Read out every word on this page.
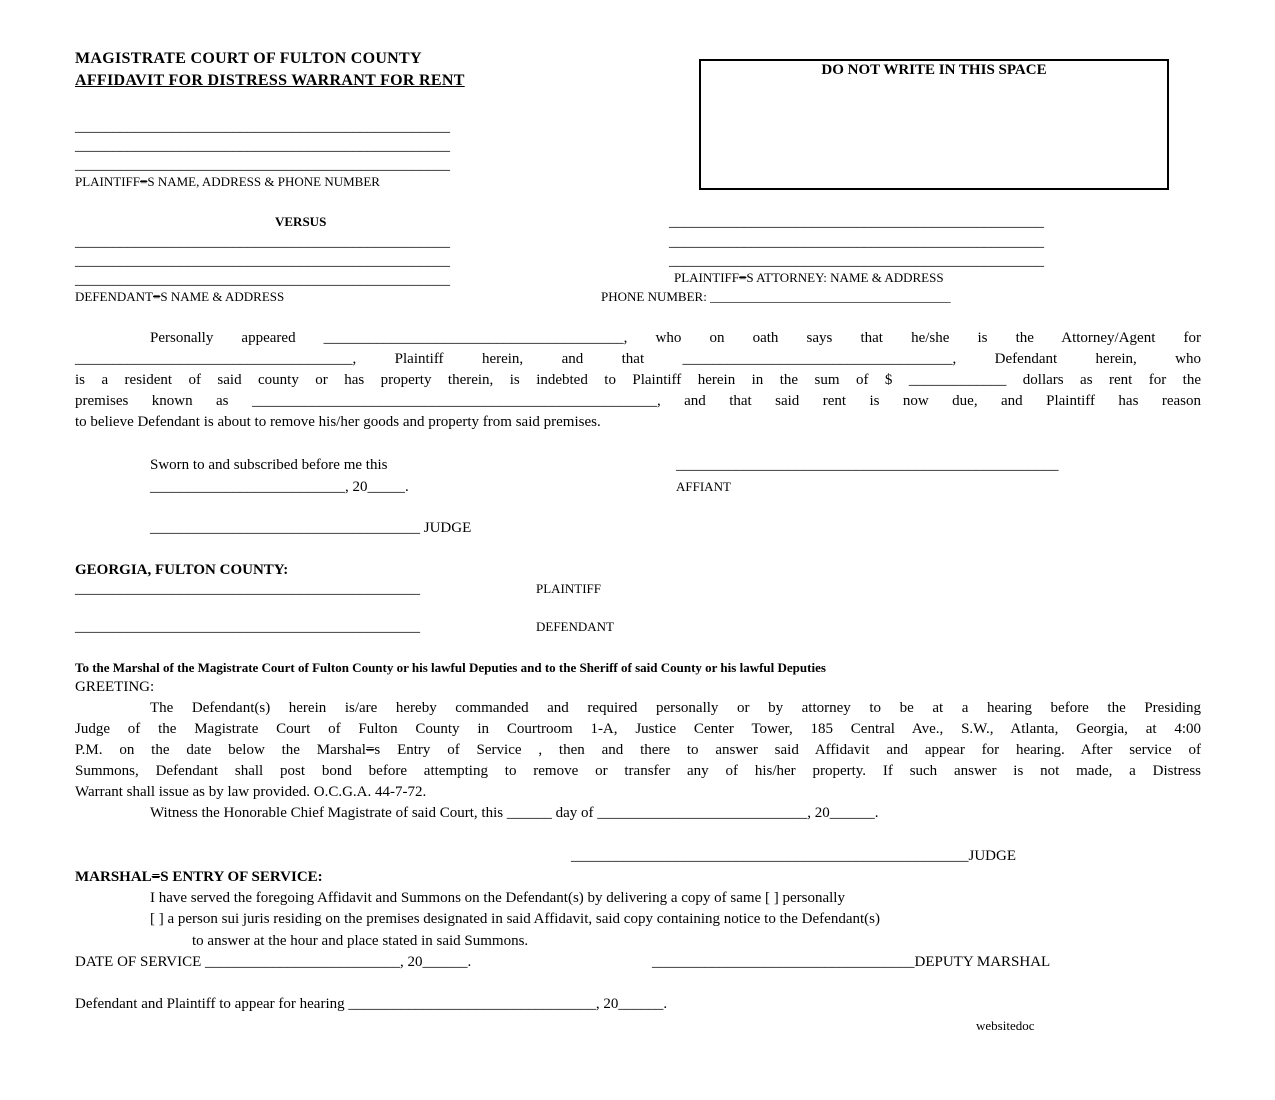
MAGISTRATE COURT OF FULTON COUNTY
AFFIDAVIT FOR DISTRESS WARRANT FOR RENT
DO NOT WRITE IN THIS SPACE
__________________________________________________
__________________________________________________
__________________________________________________
PLAINTIFF=S NAME, ADDRESS & PHONE NUMBER
VERSUS
__________________________________________________
__________________________________________________
__________________________________________________
DEFENDANT=S NAME & ADDRESS
__________________________________________________
__________________________________________________
__________________________________________________
PLAINTIFF=S ATTORNEY: NAME & ADDRESS
PHONE NUMBER: _____________________________________

Personally appeared ________________________________________, who on oath says that he/she is the Attorney/Agent for

_____________________________________, Plaintiff herein, and that ____________________________________, Defendant herein, who

is a resident of said county or has property therein, is indebted to Plaintiff herein in the sum of $ _____________ dollars as rent for the

premises known as ______________________________________________________, and that said rent is now due, and Plaintiff has reason

to believe Defendant is about to remove his/her goods and property from said premises.

Sworn to and subscribed before me this
__________________________, 20_____.
___________________________________________________
AFFIANT
____________________________________ JUDGE
GEORGIA, FULTON COUNTY:
______________________________________________	PLAINTIFF
______________________________________________	DEFENDANT
To the Marshal of the Magistrate Court of Fulton County or his lawful Deputies and to the Sheriff of said County or his lawful Deputies
GREETING:

The Defendant(s) herein is/are hereby commanded and required personally or by attorney to be at a hearing before the Presiding

Judge of the Magistrate Court of Fulton County in Courtroom 1-A, Justice Center Tower, 185 Central Ave., S.W., Atlanta, Georgia, at 4:00

P.M. on the date below the Marshal=s Entry of Service , then and there to answer said Affidavit and appear for hearing. After service of

Summons, Defendant shall post bond before attempting to remove or transfer any of his/her property. If such answer is not made, a Distress

Warrant shall issue as by law provided. O.C.G.A. 44-7-72.

Witness the Honorable Chief Magistrate of said Court, this ______ day of ____________________________, 20______.

_____________________________________________________JUDGE
MARSHAL=S ENTRY OF SERVICE:
I have served the foregoing Affidavit and Summons on the Defendant(s) by delivering a copy of same [ ] personally
[ ] a person sui juris residing on the premises designated in said Affidavit, said copy containing notice to the Defendant(s)
to answer at the hour and place stated in said Summons.
DATE OF SERVICE __________________________, 20______.	___________________________________DEPUTY MARSHAL
Defendant and Plaintiff to appear for hearing _________________________________, 20______.
websitedoc
